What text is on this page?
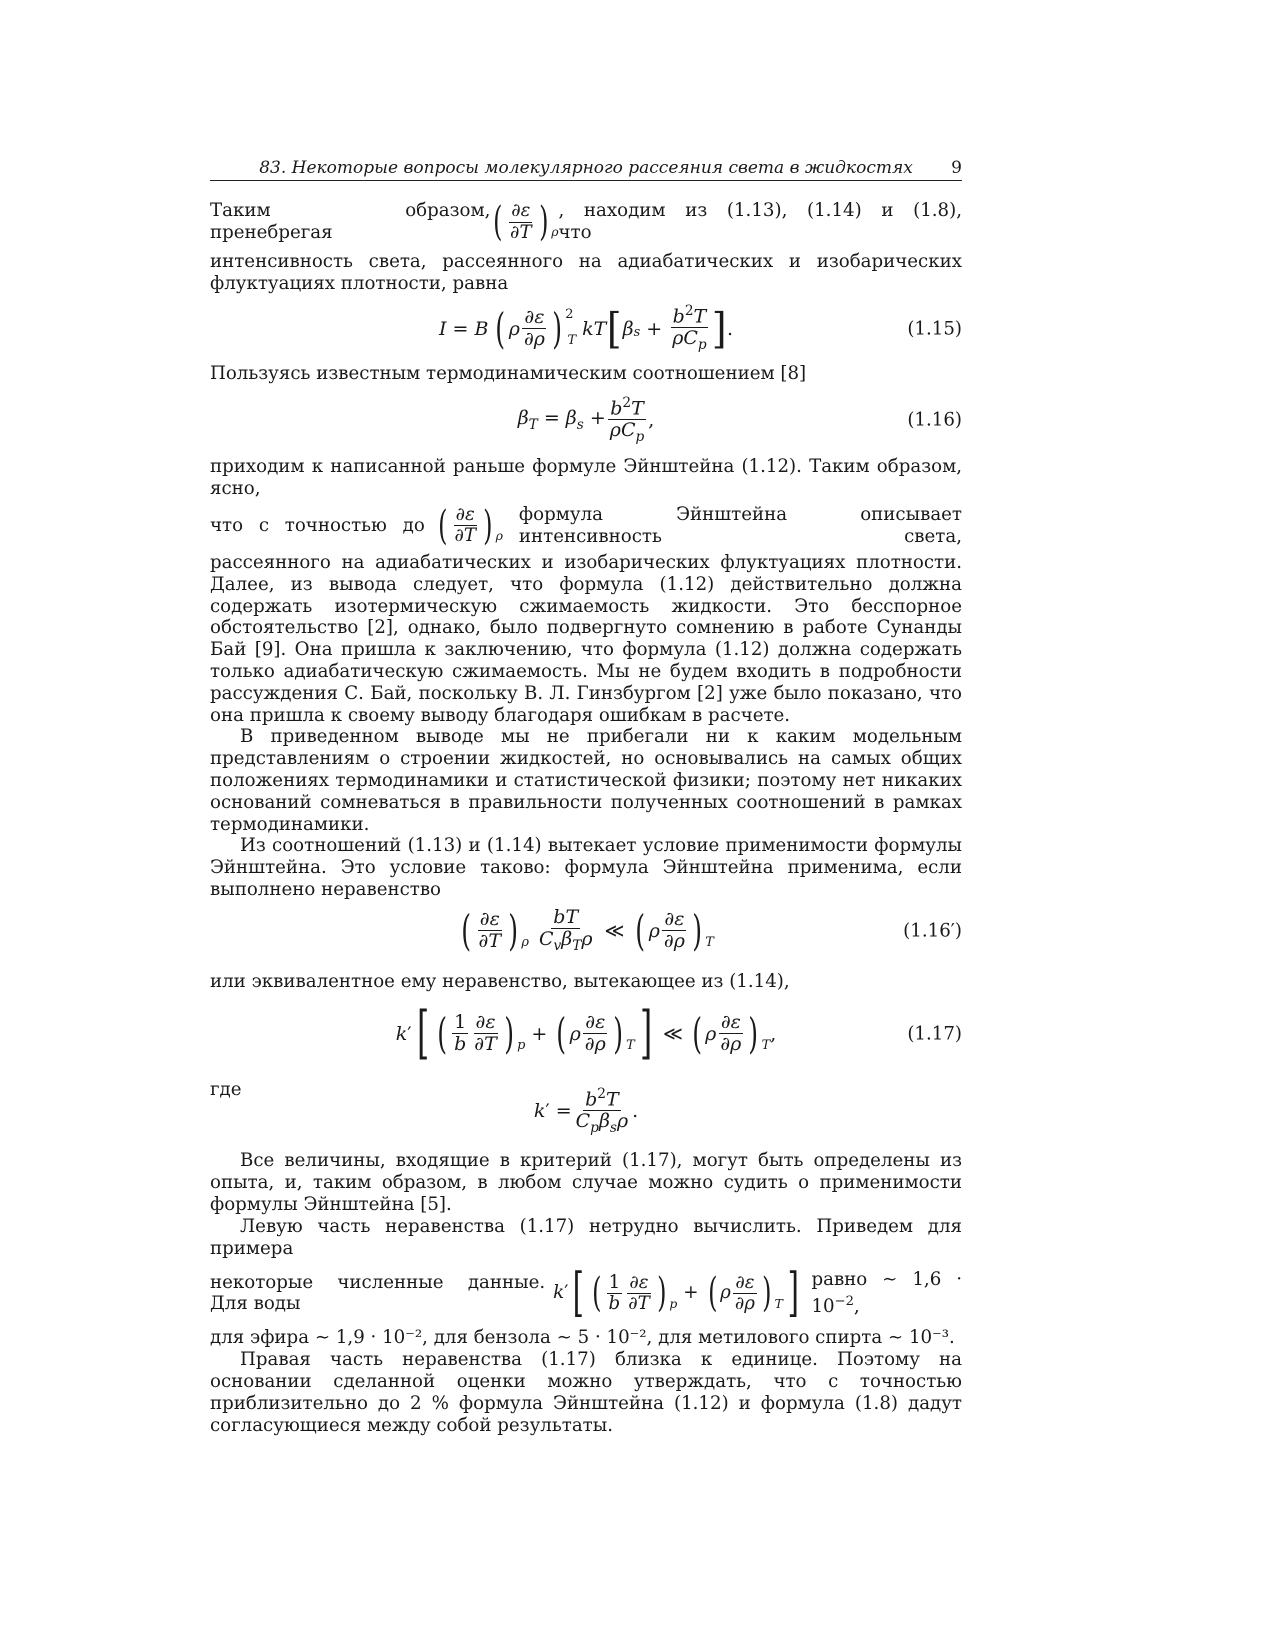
83. Некоторые вопросы молекулярного рассеяния света в жидкостях	9
Таким образом, пренебрегая	( $\frac{\partial\varepsilon}{\partial T}$ ) ρ
, находим из (1.13), (1.14) и (1.8), что

интенсивность света, рассеянного на адиабатических и изобарических флуктуациях плотности, равна

I = B ( ρ $\frac{\partial\varepsilon}{\partial\rho}$ ) 2
T
kT [ β $s + \frac{b^2T}{\rho C_p}$ ] .	(1.15)

Пользуясь известным термодинамическим соотношением [8]

$\beta_T = \beta_s + \frac{b^2T}{\rho C_p}$ ,	(1.16)

приходим к написанной раньше формуле Эйнштейна (1.12). Таким образом, ясно,

что с точностью до ( $\frac{\partial\varepsilon}{\partial T}$ ) ρ
формула Эйнштейна описывает интенсивность света,

рассеянного на адиабатических и изобарических флуктуациях плотности. Далее, из вывода следует, что формула (1.12) действительно должна содержать изотермическую сжимаемость жидкости. Это бесспорное обстоятельство [2], однако, было подвергнуто сомнению в работе Сунанды Бай [9]. Она пришла к заключению, что формула (1.12) должна содержать только адиабатическую сжимаемость. Мы не будем входить в подробности рассуждения С. Бай, поскольку В. Л. Гинзбургом [2] уже было показано, что она пришла к своему выводу благодаря ошибкам в расчете.

В приведенном выводе мы не прибегали ни к каким модельным представлениям о строении жидкостей, но основывались на самых общих положениях термодинамики и статистической физики; поэтому нет никаких оснований сомневаться в правильности полученных соотношений в рамках термодинамики.

Из соотношений (1.13) и (1.14) вытекает условие применимости формулы Эйнштейна. Это условие таково: формула Эйнштейна применима, если выполнено неравенство

( $\frac{\partial\varepsilon}{\partial T}$ ) ρ $\frac{bT}{C_v\beta_T\rho}$ ≪ ( ρ $\frac{\partial\varepsilon}{\partial\rho}$ ) T
(1.16′)

или эквивалентное ему неравенство, вытекающее из (1.14),

k′ [ ( $\frac{1}{b} \frac{\partial\varepsilon}{\partial T}$ ) p
+ ( ρ $\frac{\partial\varepsilon}{\partial\rho}$ ) T ] ≪ ( ρ $\frac{\partial\varepsilon}{\partial\rho}$ ) T
,	(1.17)

где

$k' = \frac{b^2T}{C_p\beta_s\rho}$ .

Все величины, входящие в критерий (1.17), могут быть определены из опыта, и, таким образом, в любом случае можно судить о применимости формулы Эйнштейна [5].

Левую часть неравенства (1.17) нетрудно вычислить. Приведем для примера

некоторые численные данные. Для воды
k ′ [ ( $\frac{1}{b} \frac{\partial\varepsilon}{\partial T}$ ) p
+ ( ρ $\frac{\partial\varepsilon}{\partial\rho}$ ) T ] равно ∼ $1,6 \cdot 10^{-2}$,

для эфира ∼ 1,9 · 10⁻², для бензола ∼ 5 · 10⁻², для метилового спирта ∼ 10⁻³.

Правая часть неравенства (1.17) близка к единице. Поэтому на основании сделанной оценки можно утверждать, что с точностью приблизительно до 2 % формула Эйнштейна (1.12) и формула (1.8) дадут согласующиеся между собой результаты.
